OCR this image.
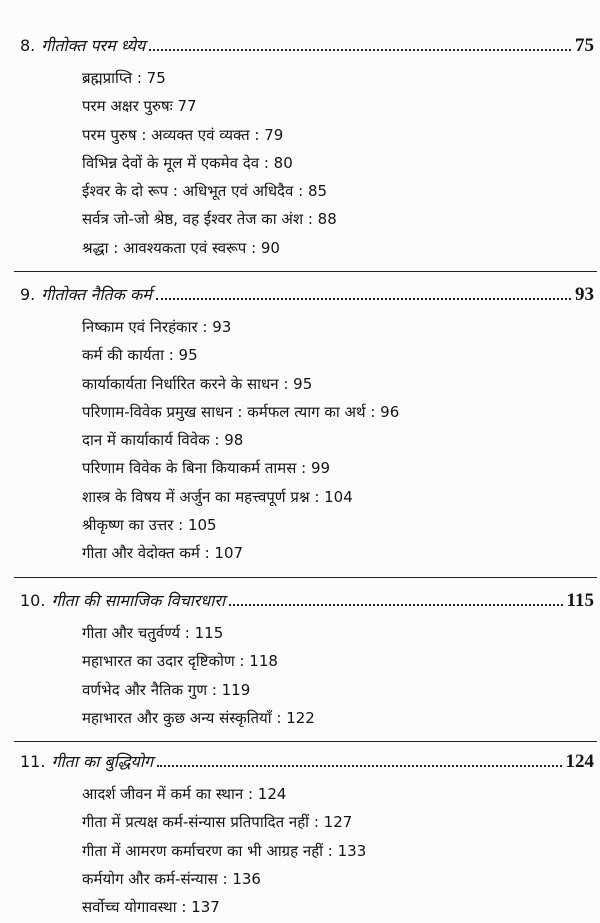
8. गीतोक्त परम ध्येय	75
ब्रह्मप्राप्ति : 75
परम अक्षर पुरुषः 77
परम पुरुष : अव्यक्त एवं व्यक्त : 79
विभिन्न देवों के मूल में एकमेव देव : 80
ईश्वर के दो रूप : अधिभूत एवं अधिदैव : 85
सर्वत्र जो-जो श्रेष्ठ, वह ईश्वर तेज का अंश : 88
श्रद्धा : आवश्यकता एवं स्वरूप : 90
9. गीतोक्त नैतिक कर्म	93
निष्काम एवं निरहंकार : 93
कर्म की कार्यता : 95
कार्याकार्यता निर्धारित करने के साधन : 95
परिणाम-विवेक प्रमुख साधन : कर्मफल त्याग का अर्थ : 96
दान में कार्याकार्य विवेक : 98
परिणाम विवेक के बिना कियाकर्म तामस : 99
शास्त्र के विषय में अर्जुन का महत्त्वपूर्ण प्रश्न : 104
श्रीकृष्ण का उत्तर : 105
गीता और वेदोक्त कर्म : 107
10. गीता की सामाजिक विचारधारा	115
गीता और चतुर्वर्ण्य : 115
महाभारत का उदार दृष्टिकोण : 118
वर्णभेद और नैतिक गुण : 119
महाभारत और कुछ अन्य संस्कृतियाँ : 122
11. गीता का बुद्धियोग	124
आदर्श जीवन में कर्म का स्थान : 124
गीता में प्रत्यक्ष कर्म-संन्यास प्रतिपादित नहीं : 127
गीता में आमरण कर्माचरण का भी आग्रह नहीं : 133
कर्मयोग और कर्म-संन्यास : 136
सर्वोच्च योगावस्था : 137
